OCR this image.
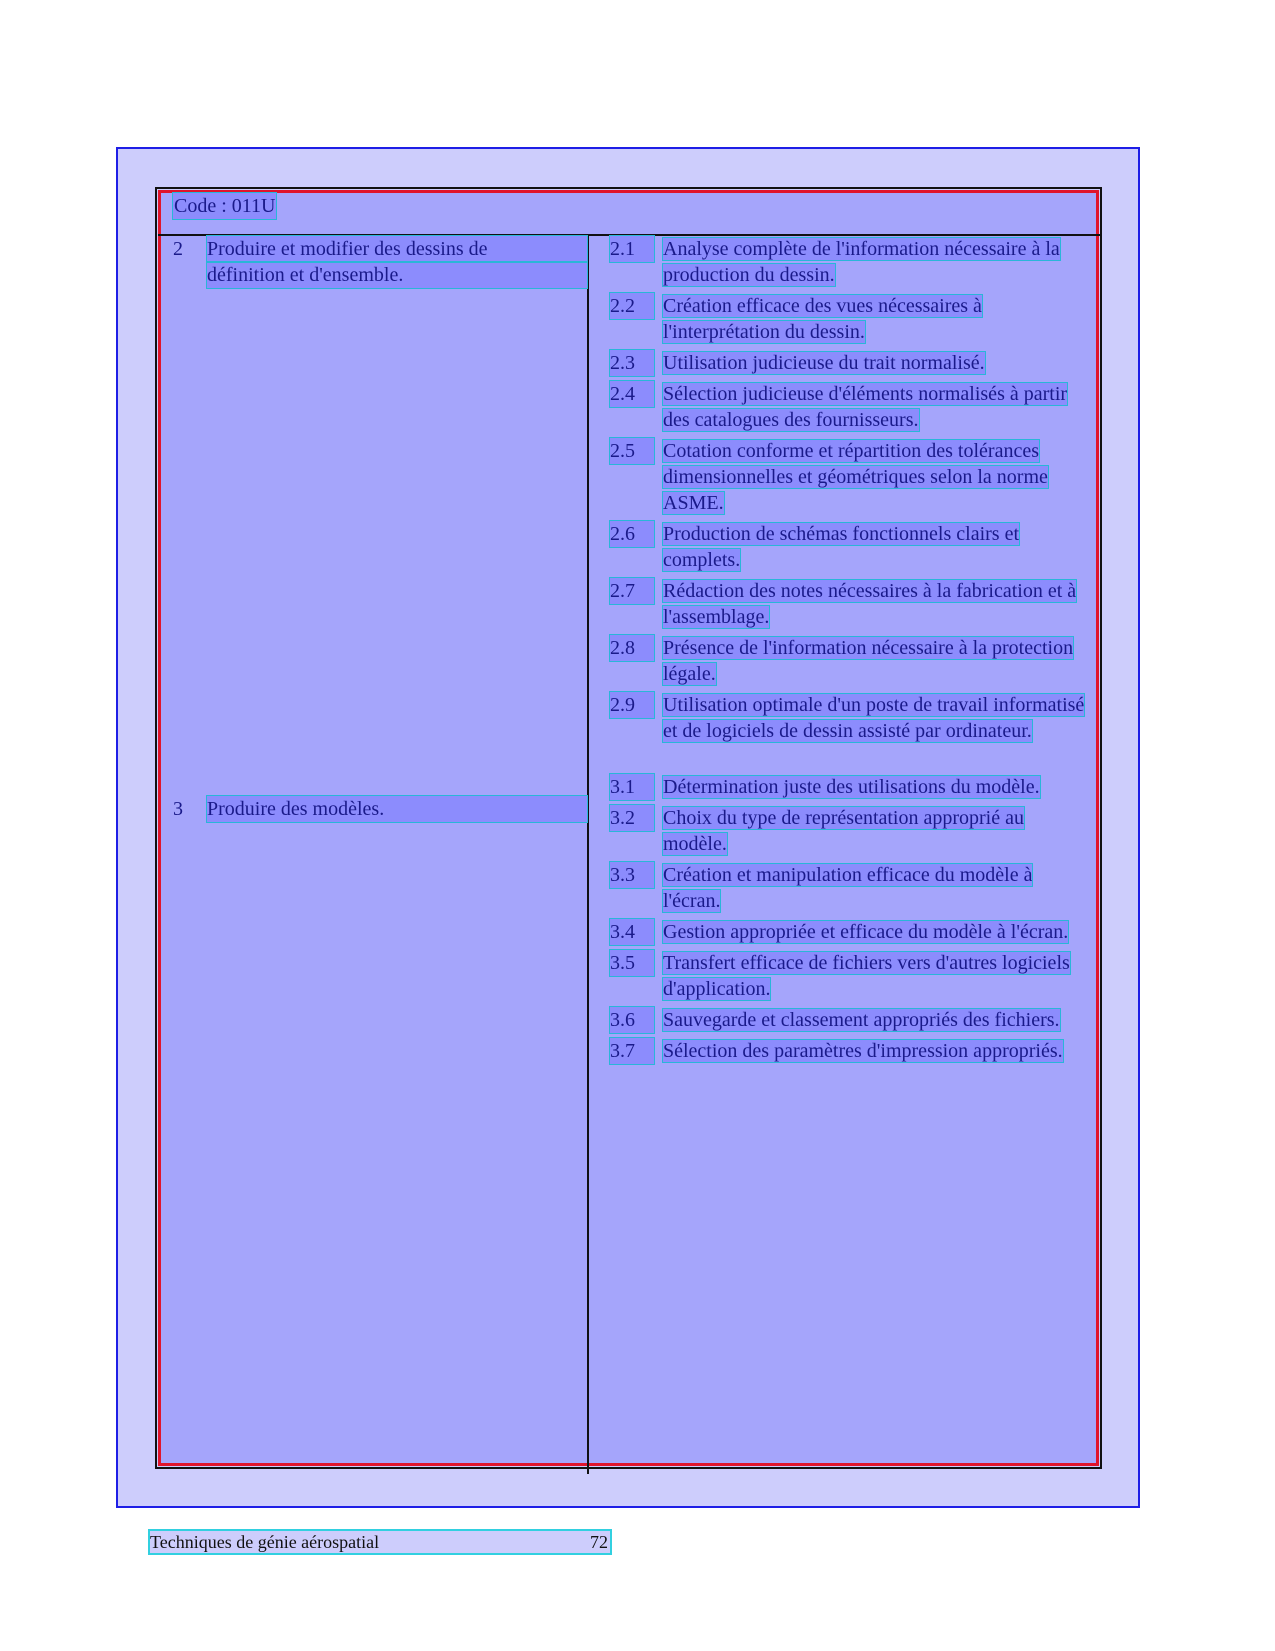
Code : 011U
2	Produire et modifier des dessins de
définition et d'ensemble.
3	Produire des modèles.
2.1	Analyse complète de l'information nécessaire à la production du dessin.
2.2	Création efficace des vues nécessaires à l'interprétation du dessin.
2.3	Utilisation judicieuse du trait normalisé.
2.4	Sélection judicieuse d'éléments normalisés à partir des catalogues des fournisseurs.
2.5	Cotation conforme et répartition des tolérances dimensionnelles et géométriques selon la norme ASME.
2.6	Production de schémas fonctionnels clairs et complets.
2.7	Rédaction des notes nécessaires à la fabrication et à l'assemblage.
2.8	Présence de l'information nécessaire à la protection légale.
2.9	Utilisation optimale d'un poste de travail informatisé et de logiciels de dessin assisté par ordinateur.
3.1	Détermination juste des utilisations du modèle.
3.2	Choix du type de représentation approprié au modèle.
3.3	Création et manipulation efficace du modèle à l'écran.
3.4	Gestion appropriée et efficace du modèle à l'écran.
3.5	Transfert efficace de fichiers vers d'autres logiciels d'application.
3.6	Sauvegarde et classement appropriés des fichiers.
3.7	Sélection des paramètres d'impression appropriés.
Techniques de génie aérospatial	72
